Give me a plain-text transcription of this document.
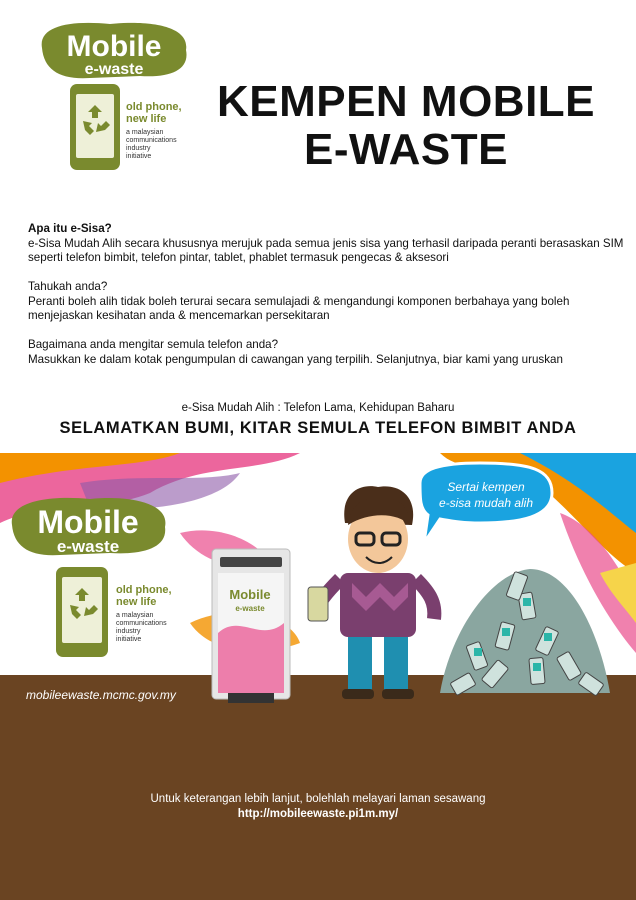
Mobile
e-waste
old phone,
new life
a malaysian
communications
industry
initiative
KEMPEN MOBILE
E-WASTE

Apa itu e-Sisa?
e-Sisa Mudah Alih secara khususnya merujuk pada semua jenis sisa yang terhasil daripada peranti berasaskan SIM seperti telefon bimbit, telefon pintar, tablet, phablet termasuk pengecas & aksesori

Tahukah anda?
Peranti boleh alih tidak boleh terurai secara semulajadi & mengandungi komponen berbahaya yang boleh menjejaskan kesihatan anda & mencemarkan persekitaran

Bagaimana anda mengitar semula telefon anda?
Masukkan ke dalam kotak pengumpulan di cawangan yang terpilih. Selanjutnya, biar kami yang uruskan

e-Sisa Mudah Alih : Telefon Lama, Kehidupan Baharu
SELAMATKAN BUMI, KITAR SEMULA TELEFON BIMBIT ANDA
Mobile
e-waste
old phone,
new life
a malaysian
communications
industry
initiative
mobileewaste.mcmc.gov.my
Mobile
e-waste
Sertai kempen
e-sisa mudah alih
Untuk keterangan lebih lanjut, bolehlah melayari laman sesawang
http://mobileewaste.pi1m.my/
